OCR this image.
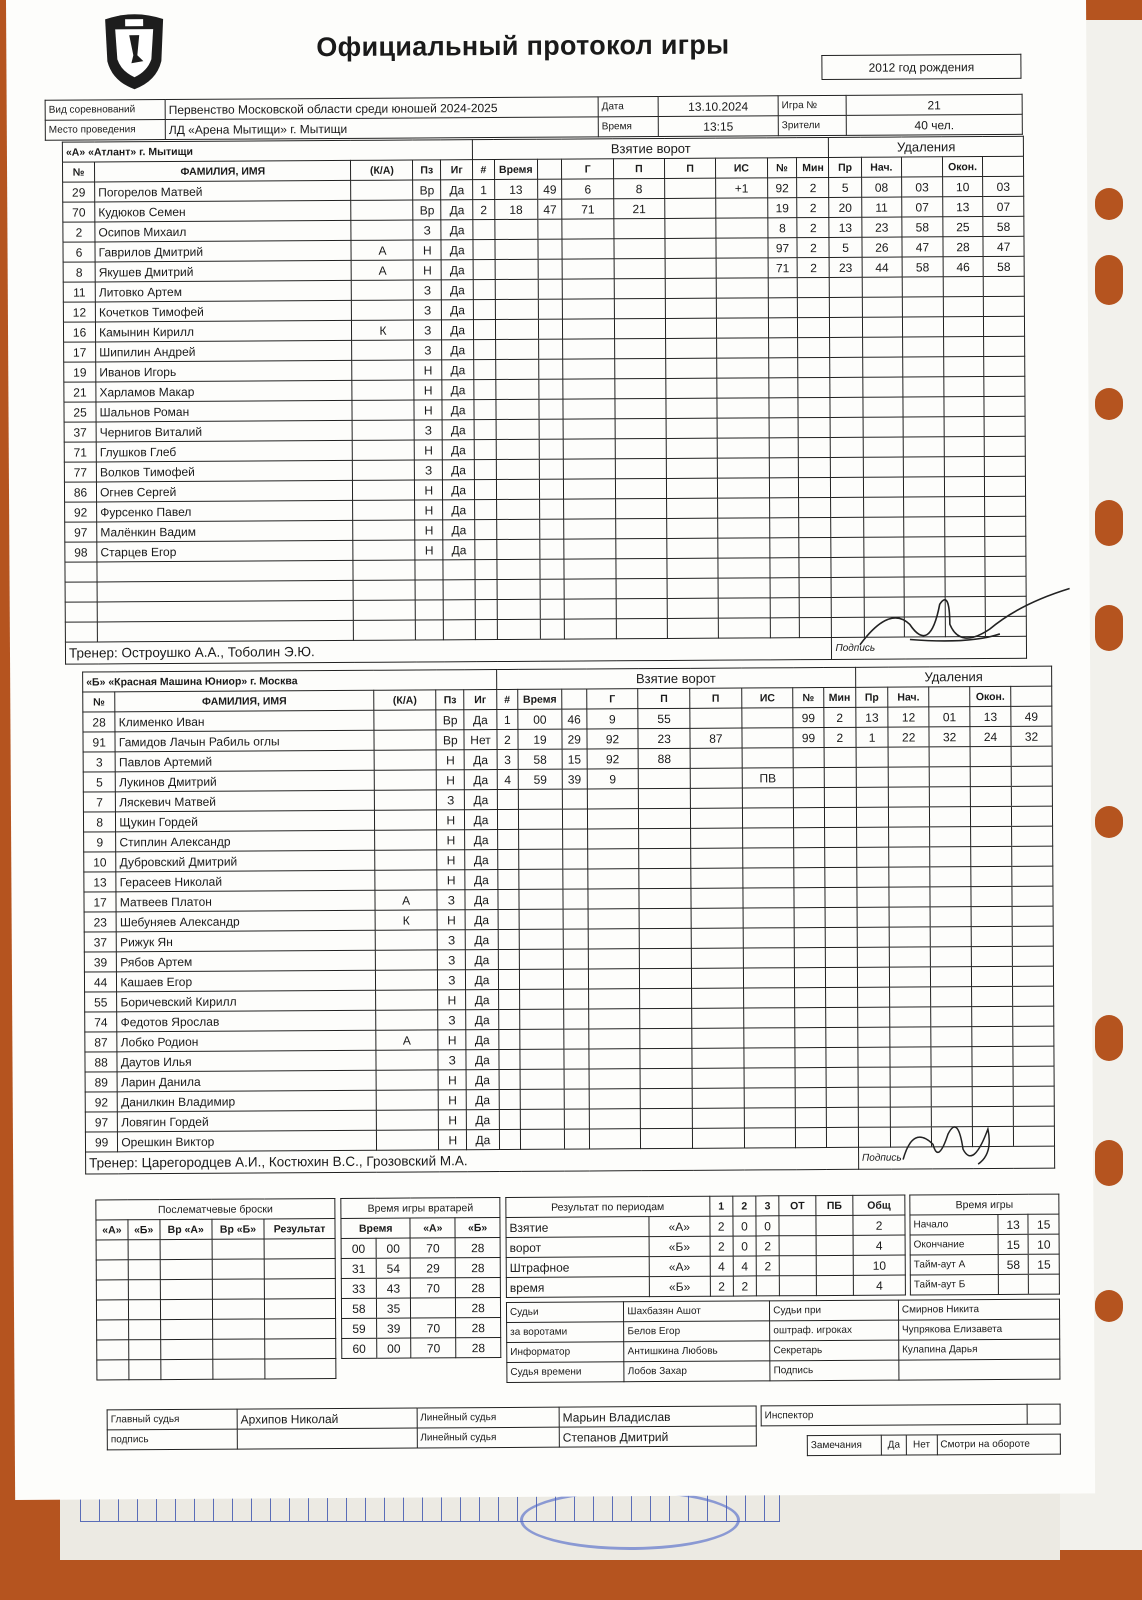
Официальный протокол игры
2012 год рождения
Вид соревнований	Первенство Московской области среди юношей 2024-2025	Дата	13.10.2024	Игра №	21
Место проведения	ЛД «Арена Мытищи» г. Мытищи	Время	13:15	Зрители	40 чел.
«А» «Атлант» г. Мытищи					Взятие ворот									Удаления				
№	ФАМИЛИЯ, ИМЯ	(К/А)	Пз	Иг	#	Время		Г	П	П	ИС	№	Мин	Пр	Нач.		Окон.	
29	Погорелов Матвей		Вр	Да	1	13	49	6	8		+1	92	2	5	08	03	10	03
70	Кудюков Семен		Вр	Да	2	18	47	71	21			19	2	20	11	07	13	07
2	Осипов Михаил		З	Да								8	2	13	23	58	25	58
6	Гаврилов Дмитрий	А	Н	Да								97	2	5	26	47	28	47
8	Якушев Дмитрий	А	Н	Да								71	2	23	44	58	46	58
11	Литовко Артем		З	Да														
12	Кочетков Тимофей		З	Да														
16	Камынин Кирилл	К	З	Да														
17	Шипилин Андрей		З	Да														
19	Иванов Игорь		Н	Да														
21	Харламов Макар		Н	Да														
25	Шальнов Роман		Н	Да														
37	Чернигов Виталий		З	Да														
71	Глушков Глеб		Н	Да														
77	Волков Тимофей		З	Да														
86	Огнев Сергей		Н	Да														
92	Фурсенко Павел		Н	Да														
97	Малёнкин Вадим		Н	Да														
98	Старцев Егор		Н	Да														

Тренер: Остроушко А.А., Тоболин Э.Ю.														Подпись				
«Б» «Красная Машина Юниор» г. Москва					Взятие ворот									Удаления				
№	ФАМИЛИЯ, ИМЯ	(К/А)	Пз	Иг	#	Время		Г	П	П	ИС	№	Мин	Пр	Нач.		Окон.	
28	Клименко Иван		Вр	Да	1	00	46	9	55			99	2	13	12	01	13	49
91	Гамидов Лачын Рабиль оглы		Вр	Нет	2	19	29	92	23	87		99	2	1	22	32	24	32
3	Павлов Артемий		Н	Да	3	58	15	92	88									
5	Лукинов Дмитрий		Н	Да	4	59	39	9			ПВ							
7	Ляскевич Матвей		З	Да														
8	Щукин Гордей		Н	Да														
9	Стиплин Александр		Н	Да														
10	Дубровский Дмитрий		Н	Да														
13	Герасеев Николай		Н	Да														
17	Матвеев Платон	А	З	Да														
23	Шебуняев Александр	К	Н	Да														
37	Рижук Ян		З	Да														
39	Рябов Артем		З	Да														
44	Кашаев Егор		З	Да														
55	Боричевский Кирилл		Н	Да														
74	Федотов Ярослав		З	Да														
87	Лобко Родион	А	Н	Да														
88	Даутов Илья		З	Да														
89	Ларин Данила		Н	Да														
92	Данилкин Владимир		Н	Да														
97	Ловягин Гордей		Н	Да														
99	Орешкин Виктор		Н	Да														
Тренер: Царегородцев А.И., Костюхин В.С., Грозовский М.А.														Подпись				
Послематчевые броски				
«А»	«Б»	Вр «А»	Вр «Б»	Результат

Время игры вратарей			
Время		«А»	«Б»
00	00	70	28
31	54	29	28
33	43	70	28
58	35		28
59	39	70	28
60	00	70	28
Результат по периодам		1	2	3	ОТ	ПБ	Общ
Взятие	«А»	2	0	0			2
ворот	«Б»	2	0	2			4
Штрафное	«А»	4	4	2			10
время	«Б»	2	2				4
Время игры		
Начало	13	15
Окончание	15	10
Тайм-аут А	58	15
Тайм-аут Б		
Судьи	Шахбазян Ашот	Судьи при	Смирнов Никита
за воротами	Белов Егор	оштраф. игроках	Чупрякова Елизавета
Информатор	Антишкина Любовь	Секретарь	Кулапина Дарья
Судья времени	Лобов Захар	Подпись	
Главный судья	Архипов Николай	Линейный судья	Марьин Владислав
подпись		Линейный судья	Степанов Дмитрий
Инспектор	
Замечания	Да	Нет	Смотри на обороте
